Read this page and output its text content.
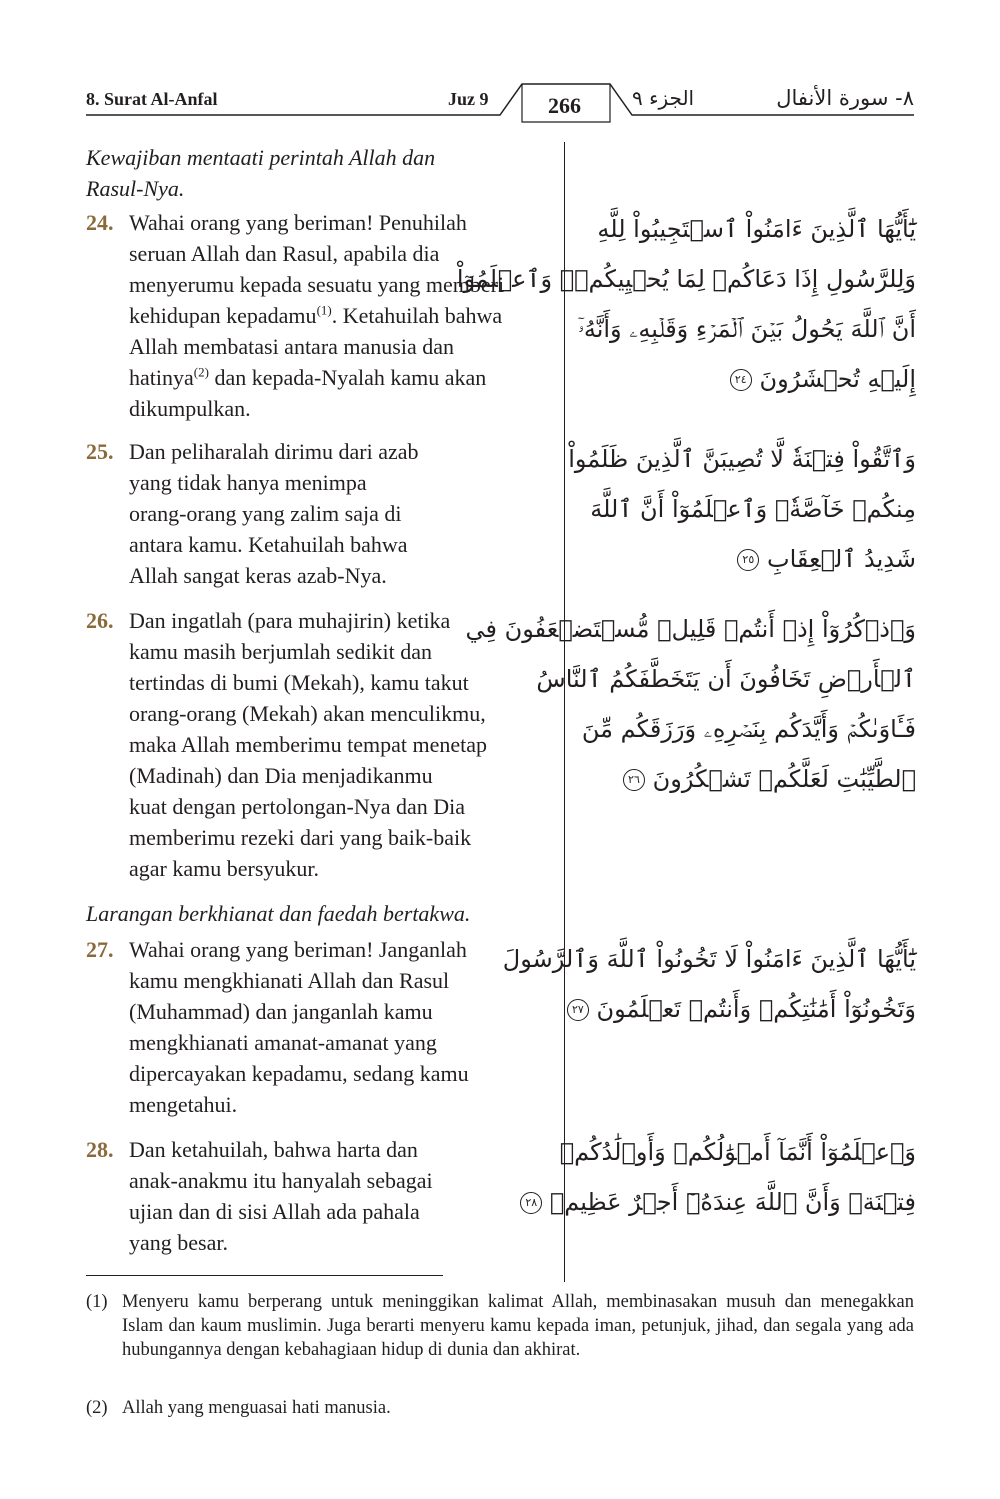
8. Surat Al-Anfal	Juz 9	266	الجزء ٩	٨- سورة الأنفال
Kewajiban mentaati perintah Allah dan
Rasul-Nya.
24. Wahai orang yang beriman! Penuhilah
seruan Allah dan Rasul, apabila dia
menyerumu kepada sesuatu yang memberi
kehidupan kepadamu$^{(1)}$. Ketahuilah bahwa
Allah membatasi antara manusia dan
hatinya$^{(2)}$ dan kepada-Nyalah kamu akan
dikumpulkan.
يَٰٓأَيُّهَا ٱلَّذِينَ ءَامَنُواْ ٱسۡتَجِيبُواْ لِلَّهِ
وَلِلرَّسُولِ إِذَا دَعَاكُمۡ لِمَا يُحۡيِيكُمۡۖ وَٱعۡلَمُوٓاْ
أَنَّ ٱللَّهَ يَحُولُ بَيۡنَ ٱلۡمَرۡءِ وَقَلۡبِهِۦ وَأَنَّهُۥٓ
إِلَيۡهِ تُحۡشَرُونَ ٢٤
25. Dan peliharalah dirimu dari azab
yang tidak hanya menimpa
orang-orang yang zalim saja di
antara kamu. Ketahuilah bahwa
Allah sangat keras azab-Nya.
وَٱتَّقُواْ فِتۡنَةٗ لَّا تُصِيبَنَّ ٱلَّذِينَ ظَلَمُواْ
مِنكُمۡ خَآصَّةٗۖ وَٱعۡلَمُوٓاْ أَنَّ ٱللَّهَ
شَدِيدُ ٱلۡعِقَابِ ٢٥
26. Dan ingatlah (para muhajirin) ketika
kamu masih berjumlah sedikit dan
tertindas di bumi (Mekah), kamu takut
orang-orang (Mekah) akan menculikmu,
maka Allah memberimu tempat menetap
(Madinah) dan Dia menjadikanmu
kuat dengan pertolongan-Nya dan Dia
memberimu rezeki dari yang baik-baik
agar kamu bersyukur.
وَٱذۡكُرُوٓاْ إِذۡ أَنتُمۡ قَلِيلٞ مُّسۡتَضۡعَفُونَ فِي
ٱلۡأَرۡضِ تَخَافُونَ أَن يَتَخَطَّفَكُمُ ٱلنَّاسُ
فَـَٔاوَىٰكُمۡ وَأَيَّدَكُم بِنَصۡرِهِۦ وَرَزَقَكُم مِّنَ
ٱلطَّيِّبَٰتِ لَعَلَّكُمۡ تَشۡكُرُونَ ٢٦
Larangan berkhianat dan faedah bertakwa.
27. Wahai orang yang beriman! Janganlah
kamu mengkhianati Allah dan Rasul
(Muhammad) dan janganlah kamu
mengkhianati amanat-amanat yang
dipercayakan kepadamu, sedang kamu
mengetahui.
يَٰٓأَيُّهَا ٱلَّذِينَ ءَامَنُواْ لَا تَخُونُواْ ٱللَّهَ وَٱلرَّسُولَ
وَتَخُونُوٓاْ أَمَٰنَٰتِكُمۡ وَأَنتُمۡ تَعۡلَمُونَ ٢٧
28. Dan ketahuilah, bahwa harta dan
anak-anakmu itu hanyalah sebagai
ujian dan di sisi Allah ada pahala
yang besar.
وَٱعۡلَمُوٓاْ أَنَّمَآ أَمۡوَٰلُكُمۡ وَأَوۡلَٰدُكُمۡ
فِتۡنَةٞ وَأَنَّ ٱللَّهَ عِندَهُۥٓ أَجۡرٌ عَظِيمٞ ٢٨
(1) Menyeru kamu berperang untuk meninggikan kalimat Allah, membinasakan musuh dan menegakkan Islam dan kaum muslimin. Juga berarti menyeru kamu kepada iman, petunjuk, jihad, dan segala yang ada hubungannya dengan kebahagiaan hidup di dunia dan akhirat.
(2) Allah yang menguasai hati manusia.
